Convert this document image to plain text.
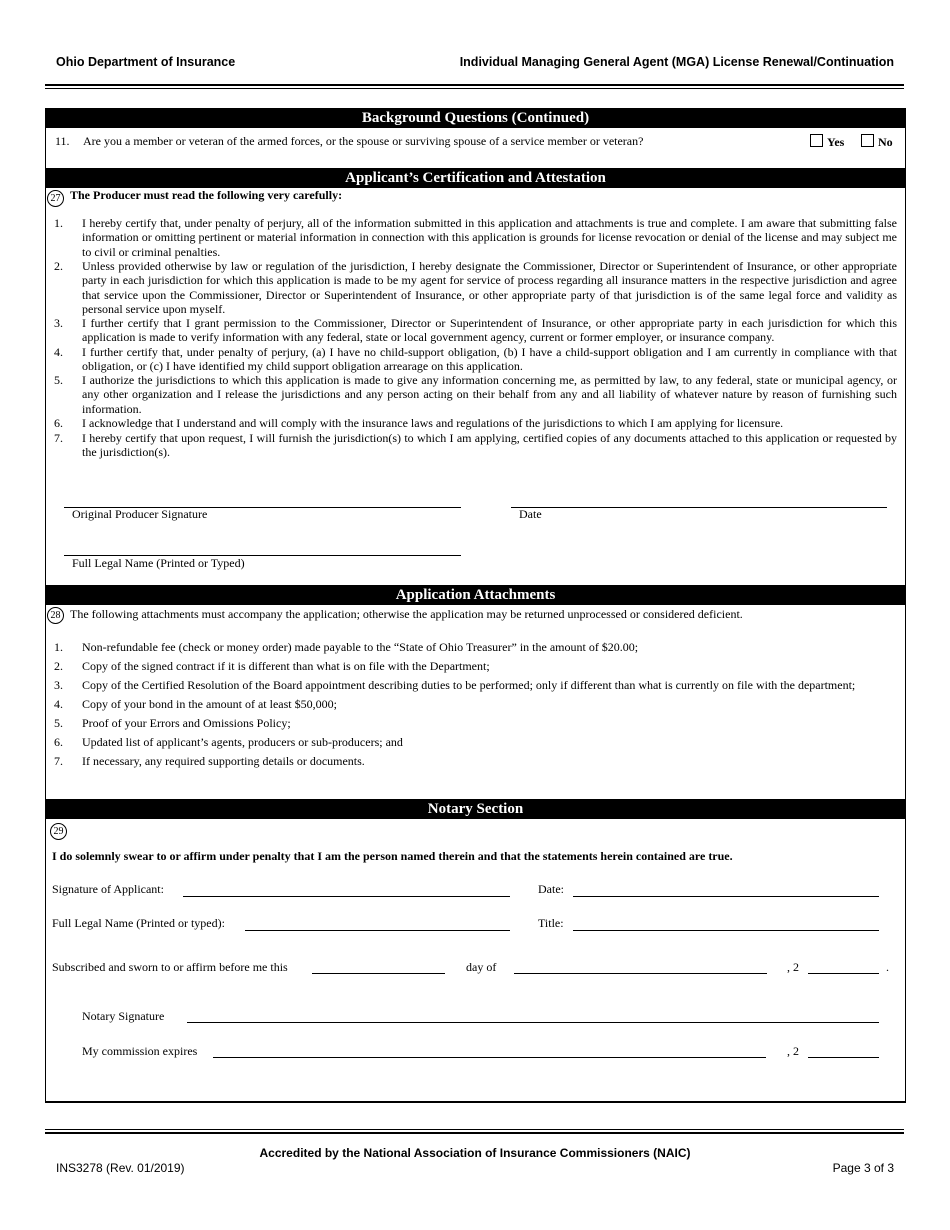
Ohio Department of Insurance	Individual Managing General Agent (MGA) License Renewal/Continuation
Background Questions (Continued)
11. Are you a member or veteran of the armed forces, or the spouse or surviving spouse of a service member or veteran?	Yes	No
Applicant’s Certification and Attestation
27 The Producer must read the following very carefully:
1. I hereby certify that, under penalty of perjury, all of the information submitted in this application and attachments is true and complete. I am aware that submitting false information or omitting pertinent or material information in connection with this application is grounds for license revocation or denial of the license and may subject me to civil or criminal penalties.
2. Unless provided otherwise by law or regulation of the jurisdiction, I hereby designate the Commissioner, Director or Superintendent of Insurance, or other appropriate party in each jurisdiction for which this application is made to be my agent for service of process regarding all insurance matters in the respective jurisdiction and agree that service upon the Commissioner, Director or Superintendent of Insurance, or other appropriate party of that jurisdiction is of the same legal force and validity as personal service upon myself.
3. I further certify that I grant permission to the Commissioner, Director or Superintendent of Insurance, or other appropriate party in each jurisdiction for which this application is made to verify information with any federal, state or local government agency, current or former employer, or insurance company.
4. I further certify that, under penalty of perjury, (a) I have no child-support obligation, (b) I have a child-support obligation and I am currently in compliance with that obligation, or (c) I have identified my child support obligation arrearage on this application.
5. I authorize the jurisdictions to which this application is made to give any information concerning me, as permitted by law, to any federal, state or municipal agency, or any other organization and I release the jurisdictions and any person acting on their behalf from any and all liability of whatever nature by reason of furnishing such information.
6. I acknowledge that I understand and will comply with the insurance laws and regulations of the jurisdictions to which I am applying for licensure.
7. I hereby certify that upon request, I will furnish the jurisdiction(s) to which I am applying, certified copies of any documents attached to this application or requested by the jurisdiction(s).
Original Producer Signature	Date
Full Legal Name (Printed or Typed)
Application Attachments
28 The following attachments must accompany the application; otherwise the application may be returned unprocessed or considered deficient.
1. Non-refundable fee (check or money order) made payable to the “State of Ohio Treasurer” in the amount of $20.00;
2. Copy of the signed contract if it is different than what is on file with the Department;
3. Copy of the Certified Resolution of the Board appointment describing duties to be performed; only if different than what is currently on file with the department;
4. Copy of your bond in the amount of at least $50,000;
5. Proof of your Errors and Omissions Policy;
6. Updated list of applicant’s agents, producers or sub-producers; and
7. If necessary, any required supporting details or documents.
Notary Section
29
I do solemnly swear to or affirm under penalty that I am the person named therein and that the statements herein contained are true.
Signature of Applicant:	Date:
Full Legal Name (Printed or typed):	Title:
Subscribed and sworn to or affirm before me this	day of	, 2	.
Notary Signature
My commission expires	, 2
Accredited by the National Association of Insurance Commissioners (NAIC)
INS3278 (Rev. 01/2019)	Page 3 of 3
